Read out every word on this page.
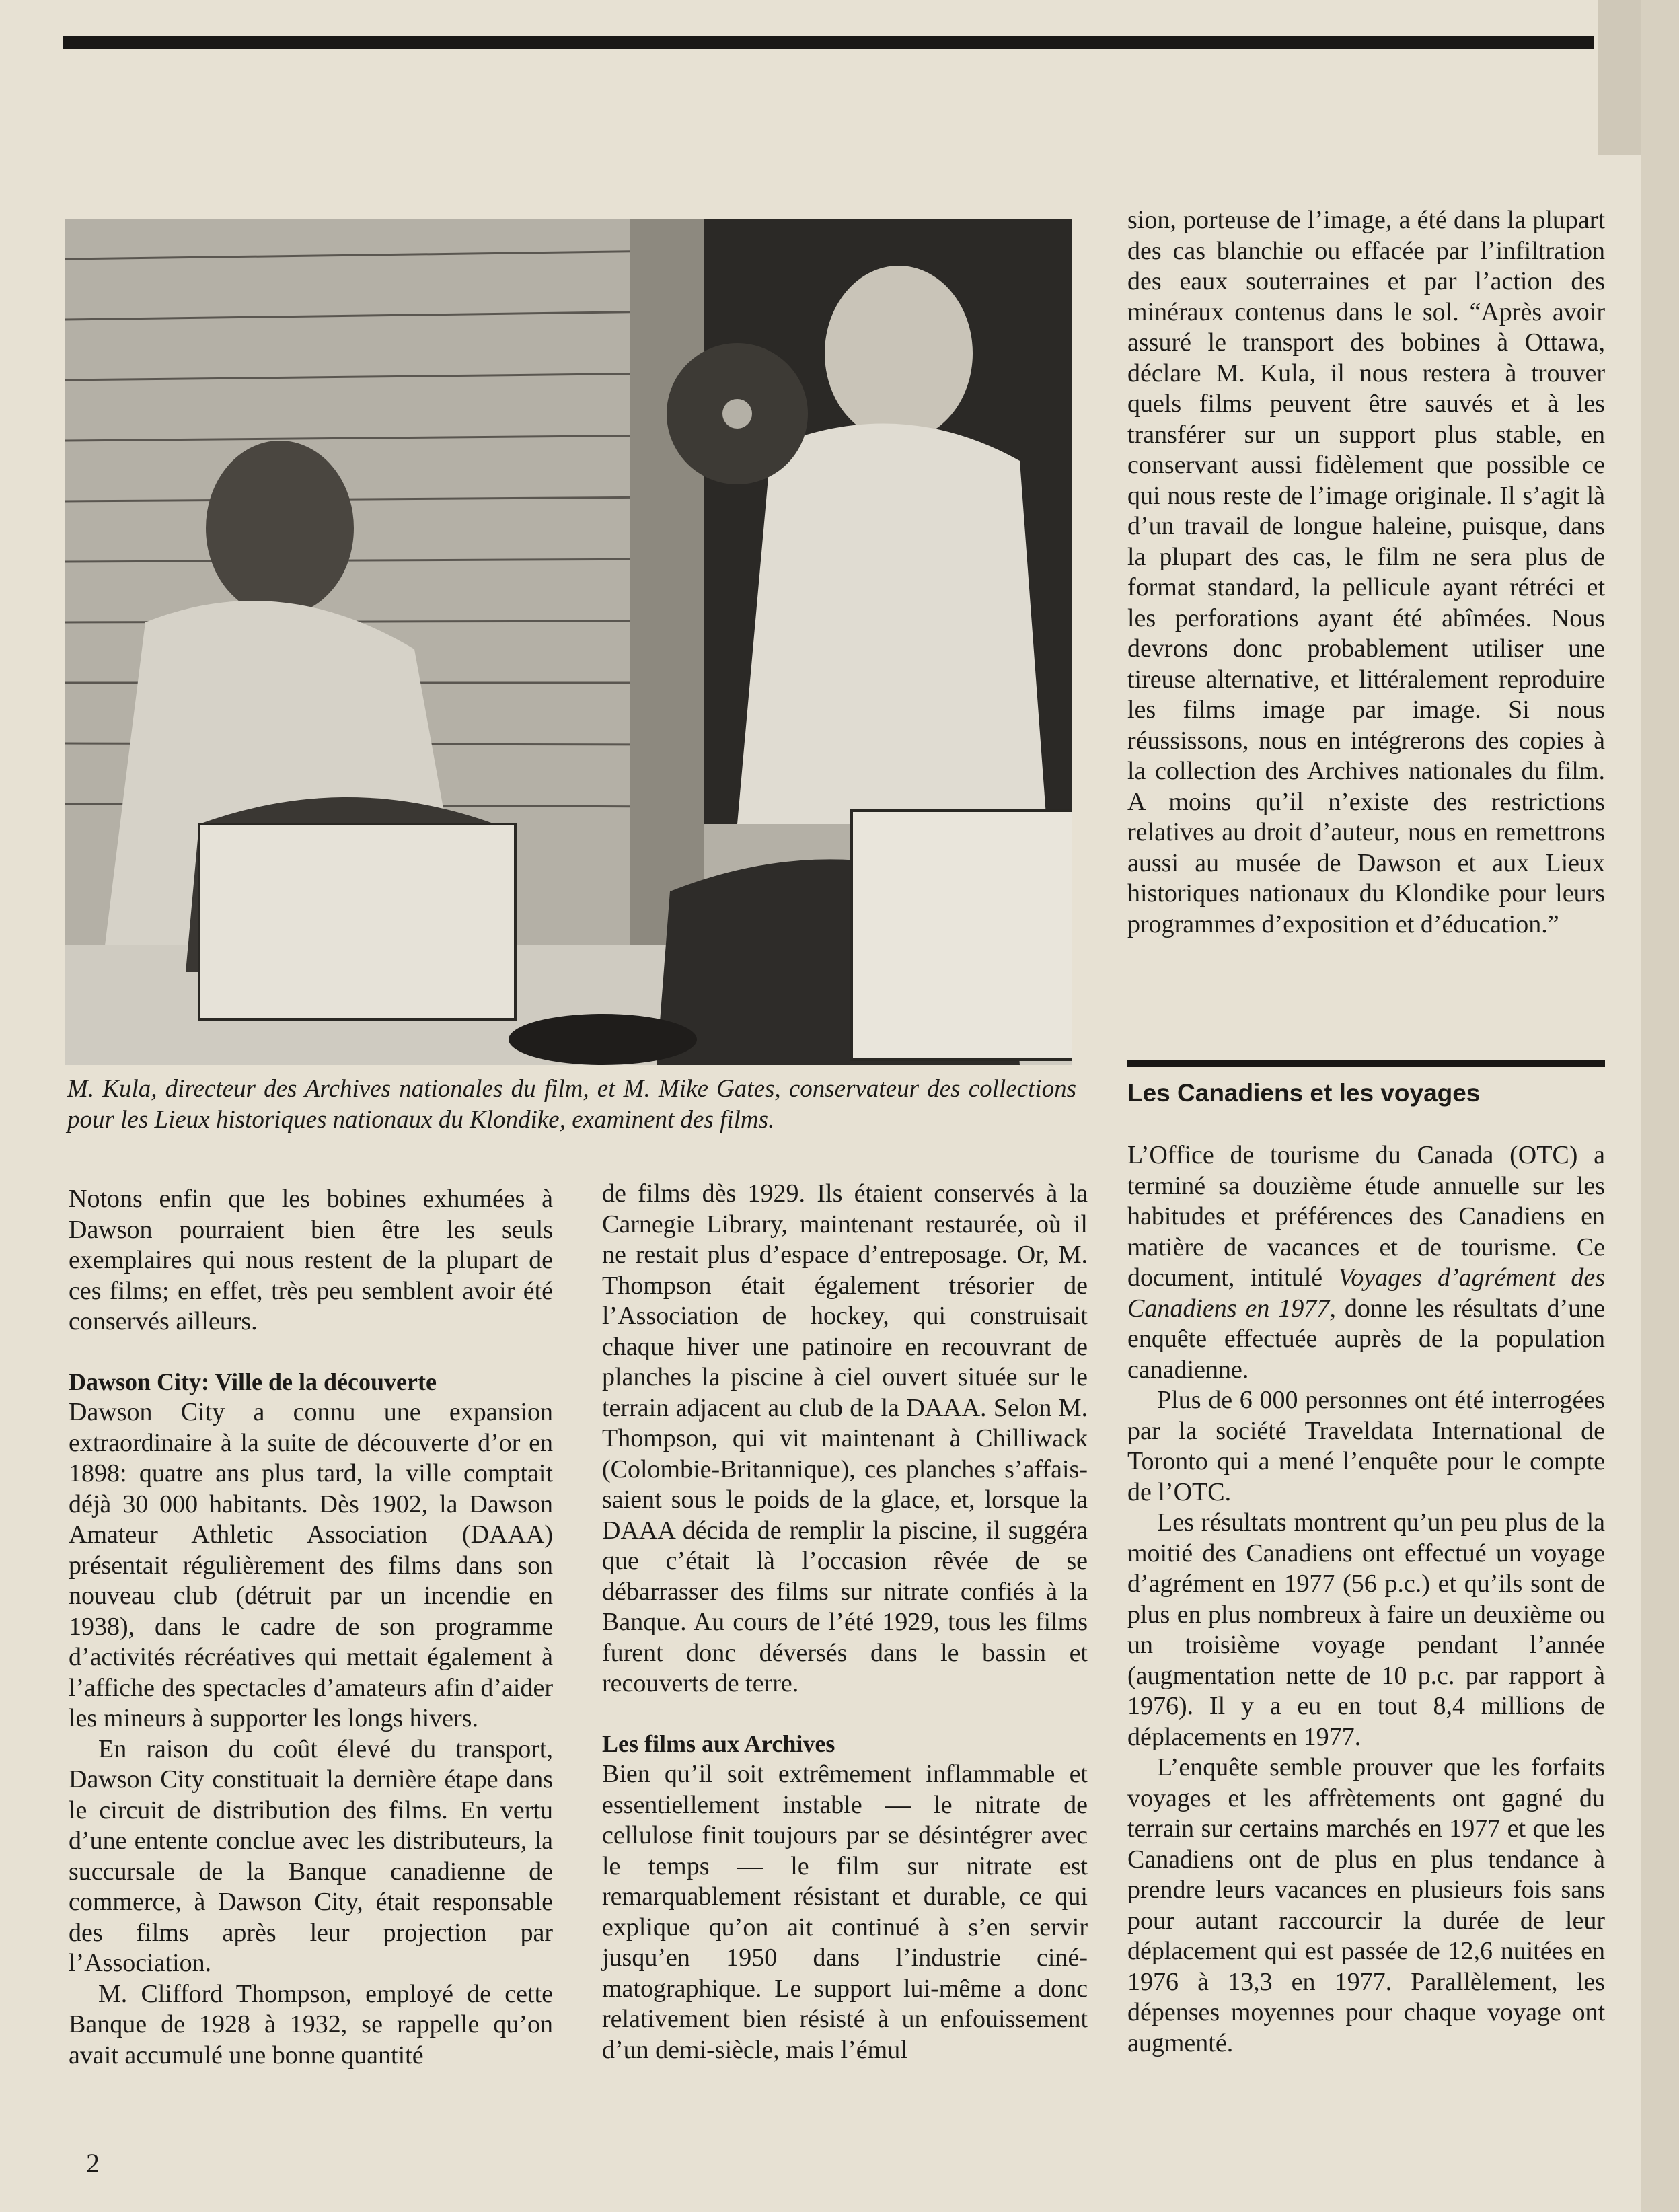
M. Kula, directeur des Archives nationales du film, et M. Mike Gates, conservateur des collections pour les Lieux historiques nationaux du Klondike, examinent des films.

Notons enfin que les bobines exhumées à Dawson pourraient bien être les seuls exemplaires qui nous restent de la plupart de ces films; en effet, très peu semblent avoir été conservés ailleurs.

Dawson City: Ville de la découverte

Dawson City a connu une expansion extraordinaire à la suite de découverte d’or en 1898: quatre ans plus tard, la ville comptait déjà 30 000 habitants. Dès 1902, la Dawson Amateur Athletic Association (DAAA) présentait régulièrement des films dans son nouveau club (détruit par un incendie en 1938), dans le cadre de son programme d’activités récréatives qui mettait également à l’affiche des spectacles d’amateurs afin d’aider les mineurs à supporter les longs hivers.

En raison du coût élevé du transport, Dawson City constituait la dernière étape dans le circuit de distribution des films. En vertu d’une entente conclue avec les distributeurs, la succursale de la Banque canadienne de commerce, à Dawson City, était responsable des films après leur projection par l’Association.

M. Clifford Thompson, employé de cette Banque de 1928 à 1932, se rappelle qu’on avait accumulé une bonne quantité

de films dès 1929. Ils étaient conservés à la Carnegie Library, maintenant restaurée, où il ne restait plus d’espace d’entreposage. Or, M. Thompson était également trésorier de l’Association de hockey, qui construisait chaque hiver une patinoire en recouvrant de planches la piscine à ciel ouvert située sur le terrain adjacent au club de la DAAA. Selon M. Thompson, qui vit maintenant à Chilliwack (Colombie-Britannique), ces planches s’affaissaient sous le poids de la glace, et, lorsque la DAAA décida de remplir la piscine, il suggéra que c’était là l’occasion rêvée de se débarrasser des films sur nitrate confiés à la Banque. Au cours de l’été 1929, tous les films furent donc déversés dans le bassin et recouverts de terre.

Les films aux Archives

Bien qu’il soit extrêmement inflammable et essentiellement instable — le nitrate de cellulose finit toujours par se désintégrer avec le temps — le film sur nitrate est remarquablement résistant et durable, ce qui explique qu’on ait continué à s’en servir jusqu’en 1950 dans l’industrie cinématographique. Le support lui-même a donc relativement bien résisté à un enfouissement d’un demi-siècle, mais l’émul

sion, porteuse de l’image, a été dans la plupart des cas blanchie ou effacée par l’infiltration des eaux souterraines et par l’action des minéraux contenus dans le sol. “Après avoir assuré le transport des bobines à Ottawa, déclare M. Kula, il nous restera à trouver quels films peuvent être sauvés et à les transférer sur un support plus stable, en conservant aussi fidèlement que possible ce qui nous reste de l’image originale. Il s’agit là d’un travail de longue haleine, puisque, dans la plupart des cas, le film ne sera plus de format standard, la pellicule ayant rétréci et les perforations ayant été abîmées. Nous devrons donc probablement utiliser une tireuse alternative, et littéralement reproduire les films image par image. Si nous réussissons, nous en intégrerons des copies à la collection des Archives nationales du film. A moins qu’il n’existe des restrictions relatives au droit d’auteur, nous en remettrons aussi au musée de Dawson et aux Lieux historiques nationaux du Klondike pour leurs programmes d’exposition et d’éducation.”

Les Canadiens et les voyages

L’Office de tourisme du Canada (OTC) a terminé sa douzième étude annuelle sur les habitudes et préférences des Canadiens en matière de vacances et de tourisme. Ce document, intitulé Voyages d’agrément des Canadiens en 1977, donne les résultats d’une enquête effectuée auprès de la population canadienne.

Plus de 6 000 personnes ont été interrogées par la société Traveldata International de Toronto qui a mené l’enquête pour le compte de l’OTC.

Les résultats montrent qu’un peu plus de la moitié des Canadiens ont effectué un voyage d’agrément en 1977 (56 p.c.) et qu’ils sont de plus en plus nombreux à faire un deuxième ou un troisième voyage pendant l’année (augmentation nette de 10 p.c. par rapport à 1976). Il y a eu en tout 8,4 millions de déplacements en 1977.

L’enquête semble prouver que les forfaits voyages et les affrètements ont gagné du terrain sur certains marchés en 1977 et que les Canadiens ont de plus en plus tendance à prendre leurs vacances en plusieurs fois sans pour autant raccourcir la durée de leur déplacement qui est passée de 12,6 nuitées en 1976 à 13,3 en 1977. Parallèlement, les dépenses moyennes pour chaque voyage ont augmenté.

2
